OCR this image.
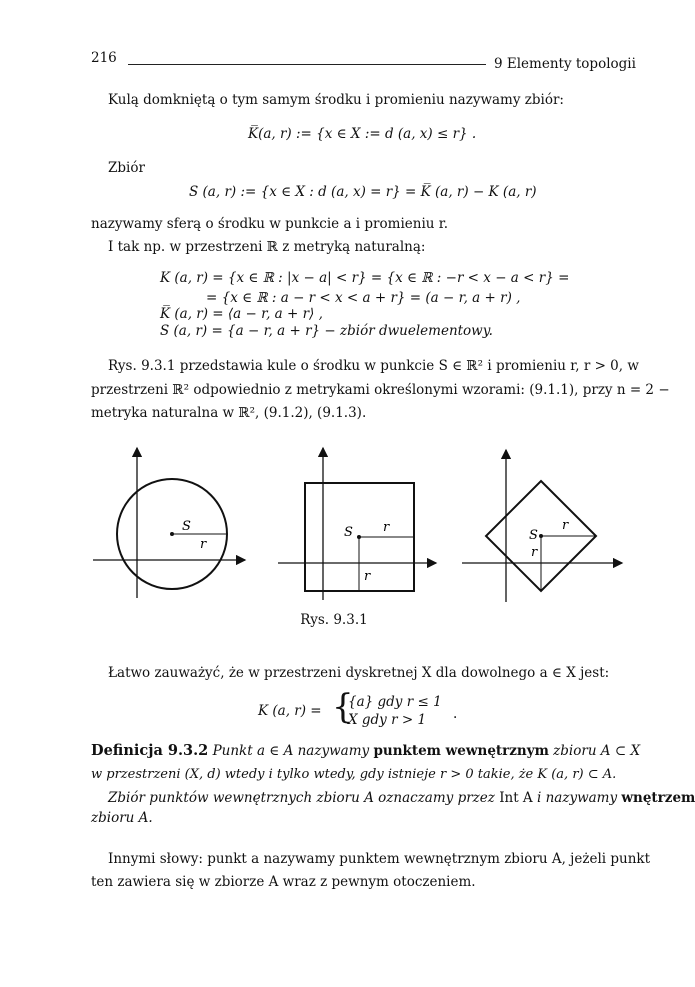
216	9 Elementy topologii
Kulą domkniętą o tym samym środku i promieniu nazywamy zbiór:
K̅(a, r) := {x ∈ X := d (a, x) ≤ r} .
Zbiór
S (a, r) := {x ∈ X : d (a, x) = r} = K̅ (a, r) − K (a, r)
nazywamy sferą o środku w punkcie a i promieniu r.
I tak np. w przestrzeni ℝ z metryką naturalną:
K (a, r) = {x ∈ ℝ : |x − a| < r} = {x ∈ ℝ : −r < x − a < r} =
= {x ∈ ℝ : a − r < x < a + r} = (a − r, a + r) ,
K̅ (a, r) = ⟨a − r, a + r⟩ ,
S (a, r) = {a − r, a + r} − zbiór dwuelementowy.
Rys. 9.3.1 przedstawia kule o środku w punkcie S ∈ ℝ² i promieniu r, r > 0, w
przestrzeni ℝ² odpowiednio z metrykami określonymi wzorami: (9.1.1), przy n = 2 −
metryka naturalna w ℝ², (9.1.2), (9.1.3).
S
r
S r
r
S
r
r
Rys. 9.3.1
Łatwo zauważyć, że w przestrzeni dyskretnej X dla dowolnego a ∈ X jest:
K (a, r) = {
{a} gdy r ≤ 1
X gdy r > 1 .
Definicja 9.3.2 Punkt a ∈ A nazywamy punktem wewnętrznym zbioru A ⊂ X
w przestrzeni (X, d) wtedy i tylko wtedy, gdy istnieje r > 0 takie, że K (a, r) ⊂ A.
Zbiór punktów wewnętrznych zbioru A oznaczamy przez Int A i nazywamy wnętrzem
zbioru A.
Innymi słowy: punkt a nazywamy punktem wewnętrznym zbioru A, jeżeli punkt
ten zawiera się w zbiorze A wraz z pewnym otoczeniem.
